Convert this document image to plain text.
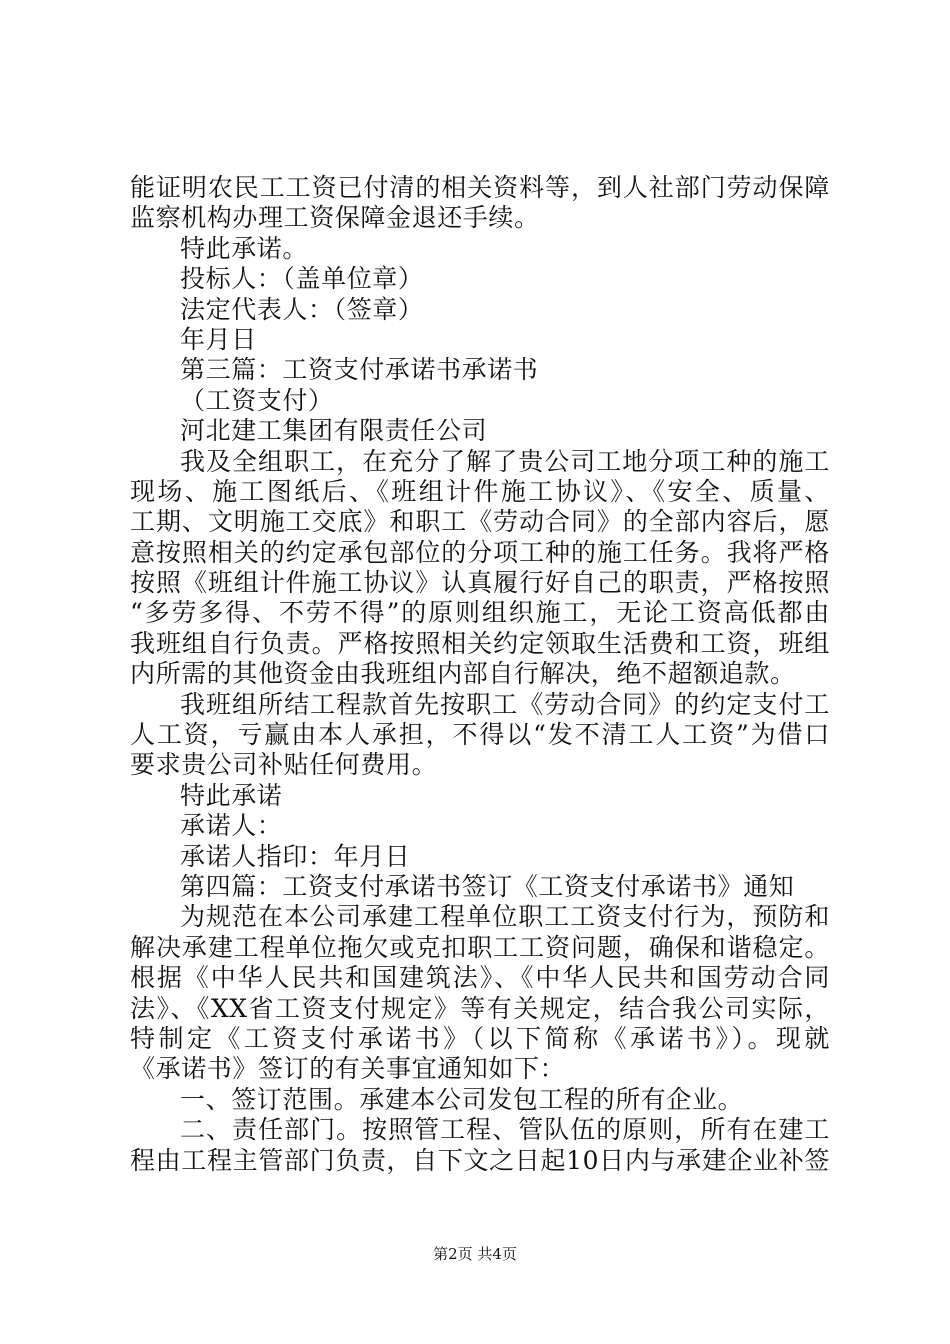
能证明农民工工资已付清的相关资料等，到人社部门劳动保障
监察机构办理工资保障金退还手续。
特此承诺。
投标人：（盖单位章）
法定代表人：（签章）
年月日
第三篇：工资支付承诺书承诺书
（工资支付）
河北建工集团有限责任公司
我及全组职工，在充分了解了贵公司工地分项工种的施工
现场、施工图纸后、《班组计件施工协议》、《安全、质量、
工期、文明施工交底》和职工《劳动合同》的全部内容后，愿
意按照相关的约定承包部位的分项工种的施工任务。我将严格
按照《班组计件施工协议》认真履行好自己的职责，严格按照
“多劳多得、不劳不得”的原则组织施工，无论工资高低都由
我班组自行负责。严格按照相关约定领取生活费和工资，班组
内所需的其他资金由我班组内部自行解决，绝不超额追款。
我班组所结工程款首先按职工《劳动合同》的约定支付工
人工资，亏赢由本人承担，不得以“发不清工人工资”为借口
要求贵公司补贴任何费用。
特此承诺
承诺人：
承诺人指印：年月日
第四篇：工资支付承诺书签订《工资支付承诺书》通知
为规范在本公司承建工程单位职工工资支付行为，预防和
解决承建工程单位拖欠或克扣职工工资问题，确保和谐稳定。
根据《中华人民共和国建筑法》、《中华人民共和国劳动合同
法》、《XX省工资支付规定》等有关规定，结合我公司实际，
特制定《工资支付承诺书》（以下简称《承诺书》）。现就
《承诺书》签订的有关事宜通知如下：
一、签订范围。承建本公司发包工程的所有企业。
二、责任部门。按照管工程、管队伍的原则，所有在建工
程由工程主管部门负责，自下文之日起10日内与承建企业补签
第2页 共4页
